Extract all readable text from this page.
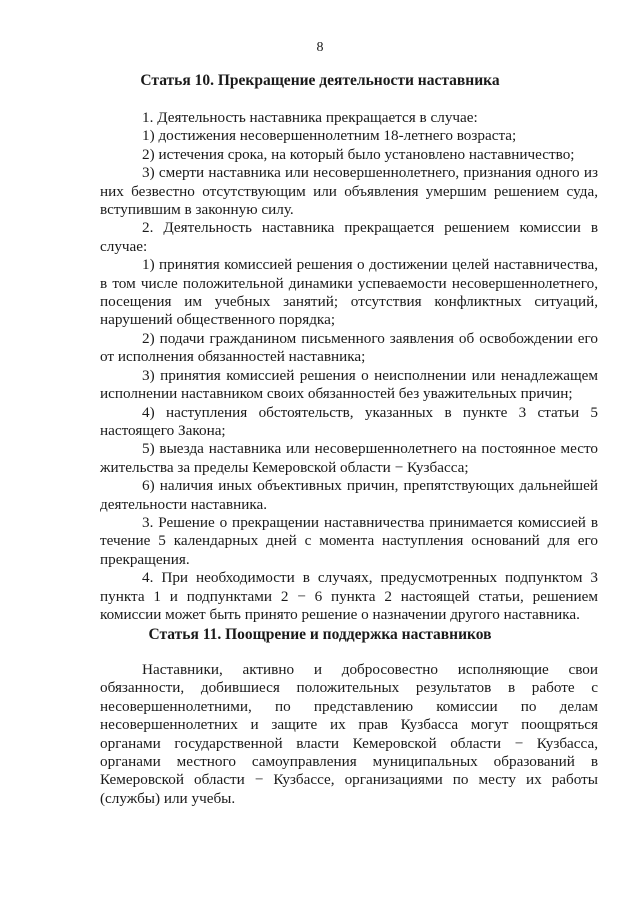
8
Статья 10. Прекращение деятельности наставника

1. Деятельность наставника прекращается в случае:

1) достижения несовершеннолетним 18-летнего возраста;

2) истечения срока, на который было установлено наставничество;

3) смерти наставника или несовершеннолетнего, признания одного из них безвестно отсутствующим или объявления умершим решением суда, вступившим в законную силу.

2. Деятельность наставника прекращается решением комиссии в случае:

1) принятия комиссией решения о достижении целей наставничества, в том числе положительной динамики успеваемости несовершеннолетнего, посещения им учебных занятий; отсутствия конфликтных ситуаций, нарушений общественного порядка;

2) подачи гражданином письменного заявления об освобождении его от исполнения обязанностей наставника;

3) принятия комиссией решения о неисполнении или ненадлежащем исполнении наставником своих обязанностей без уважительных причин;

4) наступления обстоятельств, указанных в пункте 3 статьи 5 настоящего Закона;

5) выезда наставника или несовершеннолетнего на постоянное место жительства за пределы Кемеровской области − Кузбасса;

6) наличия иных объективных причин, препятствующих дальнейшей деятельности наставника.

3. Решение о прекращении наставничества принимается комиссией в течение 5 календарных дней с момента наступления оснований для его прекращения.

4. При необходимости в случаях, предусмотренных подпунктом 3 пункта 1 и подпунктами 2 − 6 пункта 2 настоящей статьи, решением комиссии может быть принято решение о назначении другого наставника.

Статья 11. Поощрение и поддержка наставников

Наставники, активно и добросовестно исполняющие свои обязанности, добившиеся положительных результатов в работе с несовершеннолетними, по представлению комиссии по делам несовершеннолетних и защите их прав Кузбасса могут поощряться органами государственной власти Кемеровской области − Кузбасса, органами местного самоуправления муниципальных образований в Кемеровской области − Кузбассе, организациями по месту их работы (службы) или учебы.
